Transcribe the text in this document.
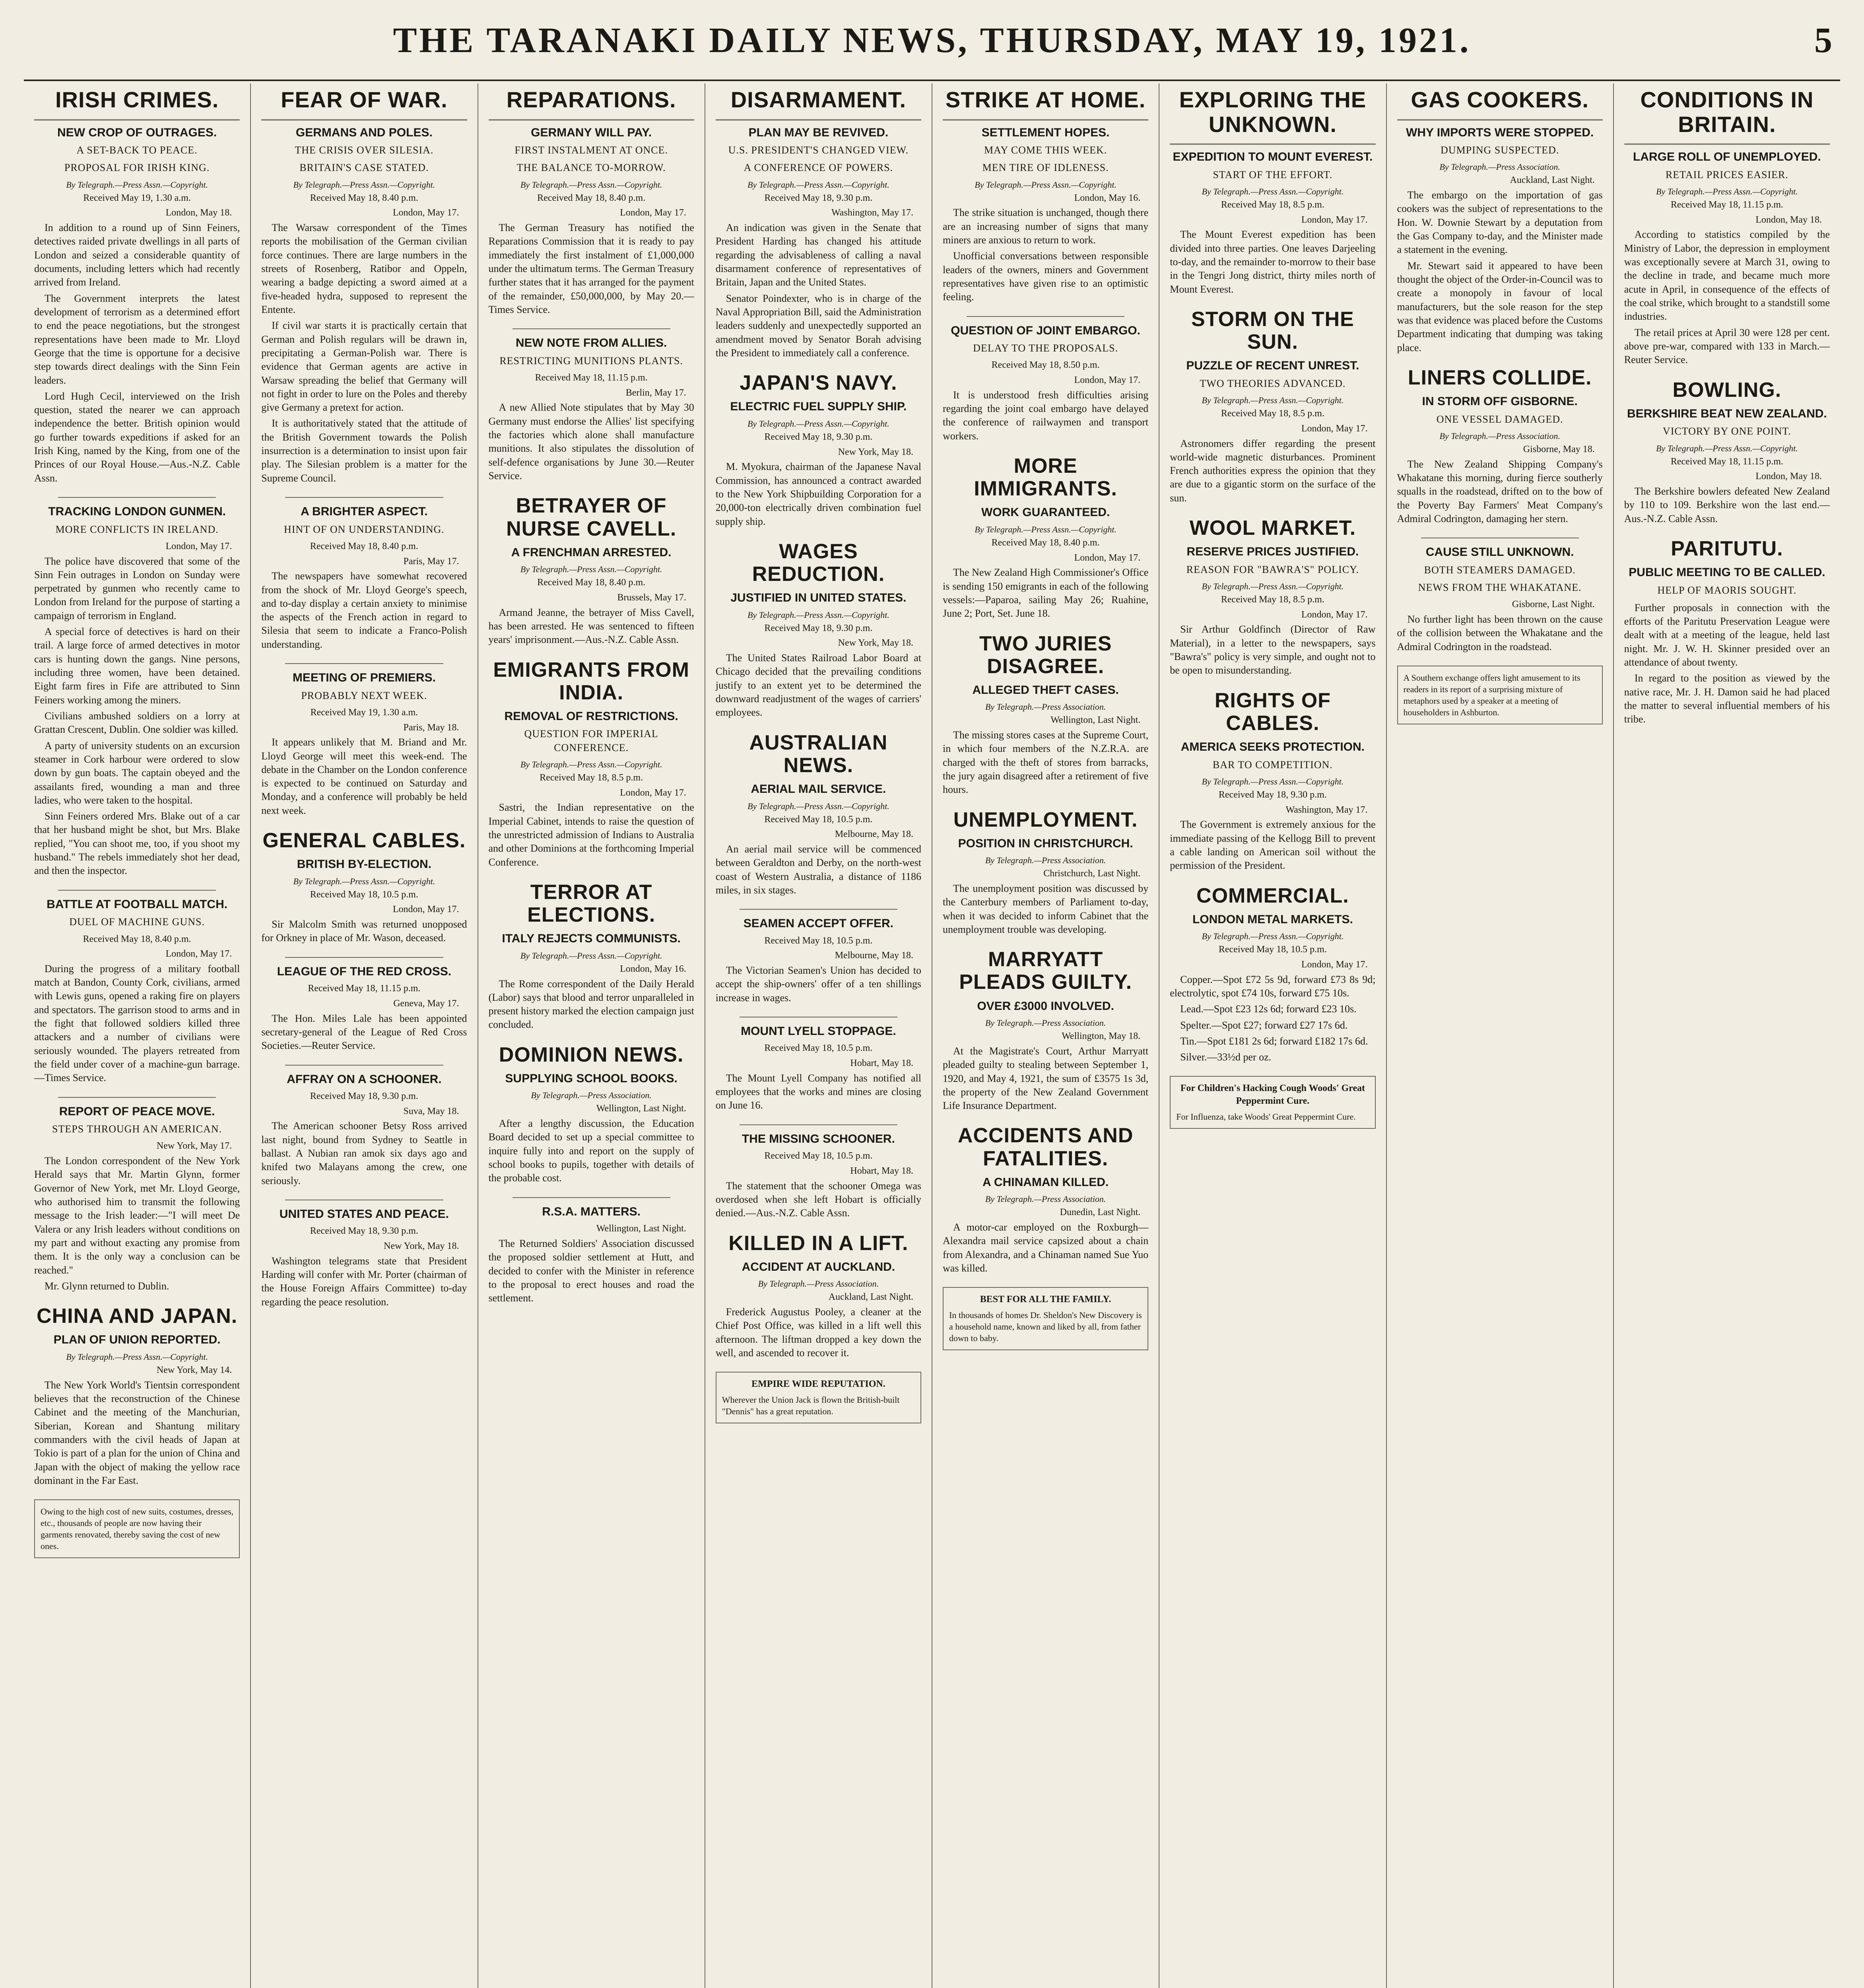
THE TARANAKI DAILY NEWS, THURSDAY, MAY 19, 1921.	5
IRISH CRIMES.
NEW CROP OF OUTRAGES.
A SET-BACK TO PEACE.
PROPOSAL FOR IRISH KING.
By Telegraph.—Press Assn.—Copyright.
Received May 19, 1.30 a.m.
London, May 18.

In addition to a round up of Sinn Feiners, detectives raided private dwellings in all parts of London and seized a considerable quantity of documents, including letters which had recently arrived from Ireland.

The Government interprets the latest development of terrorism as a determined effort to end the peace negotiations, but the strongest representations have been made to Mr. Lloyd George that the time is opportune for a decisive step towards direct dealings with the Sinn Fein leaders.

Lord Hugh Cecil, interviewed on the Irish question, stated the nearer we can approach independence the better. British opinion would go further towards expeditions if asked for an Irish King, named by the King, from one of the Princes of our Royal House.—Aus.-N.Z. Cable Assn.

TRACKING LONDON GUNMEN.
MORE CONFLICTS IN IRELAND.
London, May 17.

The police have discovered that some of the Sinn Fein outrages in London on Sunday were perpetrated by gunmen who recently came to London from Ireland for the purpose of starting a campaign of terrorism in England.

A special force of detectives is hard on their trail. A large force of armed detectives in motor cars is hunting down the gangs. Nine persons, including three women, have been detained. Eight farm fires in Fife are attributed to Sinn Feiners working among the miners.

Civilians ambushed soldiers on a lorry at Grattan Crescent, Dublin. One soldier was killed.

A party of university students on an excursion steamer in Cork harbour were ordered to slow down by gun boats. The captain obeyed and the assailants fired, wounding a man and three ladies, who were taken to the hospital.

Sinn Feiners ordered Mrs. Blake out of a car that her husband might be shot, but Mrs. Blake replied, "You can shoot me, too, if you shoot my husband." The rebels immediately shot her dead, and then the inspector.

BATTLE AT FOOTBALL MATCH.
DUEL OF MACHINE GUNS.
Received May 18, 8.40 p.m.
London, May 17.

During the progress of a military football match at Bandon, County Cork, civilians, armed with Lewis guns, opened a raking fire on players and spectators. The garrison stood to arms and in the fight that followed soldiers killed three attackers and a number of civilians were seriously wounded. The players retreated from the field under cover of a machine-gun barrage.—Times Service.

REPORT OF PEACE MOVE.
STEPS THROUGH AN AMERICAN.
New York, May 17.

The London correspondent of the New York Herald says that Mr. Martin Glynn, former Governor of New York, met Mr. Lloyd George, who authorised him to transmit the following message to the Irish leader:—"I will meet De Valera or any Irish leaders without conditions on my part and without exacting any promise from them. It is the only way a conclusion can be reached."

Mr. Glynn returned to Dublin.

CHINA AND JAPAN.
PLAN OF UNION REPORTED.
By Telegraph.—Press Assn.—Copyright.
New York, May 14.

The New York World's Tientsin correspondent believes that the reconstruction of the Chinese Cabinet and the meeting of the Manchurian, Siberian, Korean and Shantung military commanders with the civil heads of Japan at Tokio is part of a plan for the union of China and Japan with the object of making the yellow race dominant in the Far East.

Owing to the high cost of new suits, costumes, dresses, etc., thousands of people are now having their garments renovated, thereby saving the cost of new ones.
FEAR OF WAR.
GERMANS AND POLES.
THE CRISIS OVER SILESIA.
BRITAIN'S CASE STATED.
By Telegraph.—Press Assn.—Copyright.
Received May 18, 8.40 p.m.
London, May 17.

The Warsaw correspondent of the Times reports the mobilisation of the German civilian force continues. There are large numbers in the streets of Rosenberg, Ratibor and Oppeln, wearing a badge depicting a sword aimed at a five-headed hydra, supposed to represent the Entente.

If civil war starts it is practically certain that German and Polish regulars will be drawn in, precipitating a German-Polish war. There is evidence that German agents are active in Warsaw spreading the belief that Germany will not fight in order to lure on the Poles and thereby give Germany a pretext for action.

It is authoritatively stated that the attitude of the British Government towards the Polish insurrection is a determination to insist upon fair play. The Silesian problem is a matter for the Supreme Council.

A BRIGHTER ASPECT.
HINT OF ON UNDERSTANDING.
Received May 18, 8.40 p.m.
Paris, May 17.

The newspapers have somewhat recovered from the shock of Mr. Lloyd George's speech, and to-day display a certain anxiety to minimise the aspects of the French action in regard to Silesia that seem to indicate a Franco-Polish understanding.

MEETING OF PREMIERS.
PROBABLY NEXT WEEK.
Received May 19, 1.30 a.m.
Paris, May 18.

It appears unlikely that M. Briand and Mr. Lloyd George will meet this week-end. The debate in the Chamber on the London conference is expected to be continued on Saturday and Monday, and a conference will probably be held next week.

GENERAL CABLES.
BRITISH BY-ELECTION.
By Telegraph.—Press Assn.—Copyright.
Received May 18, 10.5 p.m.
London, May 17.

Sir Malcolm Smith was returned unopposed for Orkney in place of Mr. Wason, deceased.

LEAGUE OF THE RED CROSS.
Received May 18, 11.15 p.m.
Geneva, May 17.

The Hon. Miles Lale has been appointed secretary-general of the League of Red Cross Societies.—Reuter Service.

AFFRAY ON A SCHOONER.
Received May 18, 9.30 p.m.
Suva, May 18.

The American schooner Betsy Ross arrived last night, bound from Sydney to Seattle in ballast. A Nubian ran amok six days ago and knifed two Malayans among the crew, one seriously.

UNITED STATES AND PEACE.
Received May 18, 9.30 p.m.
New York, May 18.

Washington telegrams state that President Harding will confer with Mr. Porter (chairman of the House Foreign Affairs Committee) to-day regarding the peace resolution.

REPARATIONS.
GERMANY WILL PAY.
FIRST INSTALMENT AT ONCE.
THE BALANCE TO-MORROW.
By Telegraph.—Press Assn.—Copyright.
Received May 18, 8.40 p.m.
London, May 17.

The German Treasury has notified the Reparations Commission that it is ready to pay immediately the first instalment of £1,000,000 under the ultimatum terms. The German Treasury further states that it has arranged for the payment of the remainder, £50,000,000, by May 20.—Times Service.

NEW NOTE FROM ALLIES.
RESTRICTING MUNITIONS PLANTS.
Received May 18, 11.15 p.m.
Berlin, May 17.

A new Allied Note stipulates that by May 30 Germany must endorse the Allies' list specifying the factories which alone shall manufacture munitions. It also stipulates the dissolution of self-defence organisations by June 30.—Reuter Service.

BETRAYER OF NURSE CAVELL.
A FRENCHMAN ARRESTED.
By Telegraph.—Press Assn.—Copyright.
Received May 18, 8.40 p.m.
Brussels, May 17.

Armand Jeanne, the betrayer of Miss Cavell, has been arrested. He was sentenced to fifteen years' imprisonment.—Aus.-N.Z. Cable Assn.

EMIGRANTS FROM INDIA.
REMOVAL OF RESTRICTIONS.
QUESTION FOR IMPERIAL CONFERENCE.
By Telegraph.—Press Assn.—Copyright.
Received May 18, 8.5 p.m.
London, May 17.

Sastri, the Indian representative on the Imperial Cabinet, intends to raise the question of the unrestricted admission of Indians to Australia and other Dominions at the forthcoming Imperial Conference.

TERROR AT ELECTIONS.
ITALY REJECTS COMMUNISTS.
By Telegraph.—Press Assn.—Copyright.
London, May 16.

The Rome correspondent of the Daily Herald (Labor) says that blood and terror unparalleled in present history marked the election campaign just concluded.

DOMINION NEWS.
SUPPLYING SCHOOL BOOKS.
By Telegraph.—Press Association.
Wellington, Last Night.

After a lengthy discussion, the Education Board decided to set up a special committee to inquire fully into and report on the supply of school books to pupils, together with details of the probable cost.

R.S.A. MATTERS.
Wellington, Last Night.

The Returned Soldiers' Association discussed the proposed soldier settlement at Hutt, and decided to confer with the Minister in reference to the proposal to erect houses and road the settlement.

DISARMAMENT.
PLAN MAY BE REVIVED.
U.S. PRESIDENT'S CHANGED VIEW.
A CONFERENCE OF POWERS.
By Telegraph.—Press Assn.—Copyright.
Received May 18, 9.30 p.m.
Washington, May 17.

An indication was given in the Senate that President Harding has changed his attitude regarding the advisableness of calling a naval disarmament conference of representatives of Britain, Japan and the United States.

Senator Poindexter, who is in charge of the Naval Appropriation Bill, said the Administration leaders suddenly and unexpectedly supported an amendment moved by Senator Borah advising the President to immediately call a conference.

JAPAN'S NAVY.
ELECTRIC FUEL SUPPLY SHIP.
By Telegraph.—Press Assn.—Copyright.
Received May 18, 9.30 p.m.
New York, May 18.

M. Myokura, chairman of the Japanese Naval Commission, has announced a contract awarded to the New York Shipbuilding Corporation for a 20,000-ton electrically driven combination fuel supply ship.

WAGES REDUCTION.
JUSTIFIED IN UNITED STATES.
By Telegraph.—Press Assn.—Copyright.
Received May 18, 9.30 p.m.
New York, May 18.

The United States Railroad Labor Board at Chicago decided that the prevailing conditions justify to an extent yet to be determined the downward readjustment of the wages of carriers' employees.

AUSTRALIAN NEWS.
AERIAL MAIL SERVICE.
By Telegraph.—Press Assn.—Copyright.
Received May 18, 10.5 p.m.
Melbourne, May 18.

An aerial mail service will be commenced between Geraldton and Derby, on the north-west coast of Western Australia, a distance of 1186 miles, in six stages.

SEAMEN ACCEPT OFFER.
Received May 18, 10.5 p.m.
Melbourne, May 18.

The Victorian Seamen's Union has decided to accept the ship-owners' offer of a ten shillings increase in wages.

MOUNT LYELL STOPPAGE.
Received May 18, 10.5 p.m.
Hobart, May 18.

The Mount Lyell Company has notified all employees that the works and mines are closing on June 16.

THE MISSING SCHOONER.
Received May 18, 10.5 p.m.
Hobart, May 18.

The statement that the schooner Omega was overdosed when she left Hobart is officially denied.—Aus.-N.Z. Cable Assn.

KILLED IN A LIFT.
ACCIDENT AT AUCKLAND.
By Telegraph.—Press Association.
Auckland, Last Night.

Frederick Augustus Pooley, a cleaner at the Chief Post Office, was killed in a lift well this afternoon. The liftman dropped a key down the well, and ascended to recover it.

EMPIRE WIDE REPUTATION.
Wherever the Union Jack is flown the British-built "Dennis" has a great reputation.
STRIKE AT HOME.
SETTLEMENT HOPES.
MAY COME THIS WEEK.
MEN TIRE OF IDLENESS.
By Telegraph.—Press Assn.—Copyright.
London, May 16.

The strike situation is unchanged, though there are an increasing number of signs that many miners are anxious to return to work.

Unofficial conversations between responsible leaders of the owners, miners and Government representatives have given rise to an optimistic feeling.

QUESTION OF JOINT EMBARGO.
DELAY TO THE PROPOSALS.
Received May 18, 8.50 p.m.
London, May 17.

It is understood fresh difficulties arising regarding the joint coal embargo have delayed the conference of railwaymen and transport workers.

MORE IMMIGRANTS.
WORK GUARANTEED.
By Telegraph.—Press Assn.—Copyright.
Received May 18, 8.40 p.m.
London, May 17.

The New Zealand High Commissioner's Office is sending 150 emigrants in each of the following vessels:—Paparoa, sailing May 26; Ruahine, June 2; Port, Set. June 18.

TWO JURIES DISAGREE.
ALLEGED THEFT CASES.
By Telegraph.—Press Association.
Wellington, Last Night.

The missing stores cases at the Supreme Court, in which four members of the N.Z.R.A. are charged with the theft of stores from barracks, the jury again disagreed after a retirement of five hours.

UNEMPLOYMENT.
POSITION IN CHRISTCHURCH.
By Telegraph.—Press Association.
Christchurch, Last Night.

The unemployment position was discussed by the Canterbury members of Parliament to-day, when it was decided to inform Cabinet that the unemployment trouble was developing.

MARRYATT PLEADS GUILTY.
OVER £3000 INVOLVED.
By Telegraph.—Press Association.
Wellington, May 18.

At the Magistrate's Court, Arthur Marryatt pleaded guilty to stealing between September 1, 1920, and May 4, 1921, the sum of £3575 1s 3d, the property of the New Zealand Government Life Insurance Department.

ACCIDENTS AND FATALITIES.
A CHINAMAN KILLED.
By Telegraph.—Press Association.
Dunedin, Last Night.

A motor-car employed on the Roxburgh—Alexandra mail service capsized about a chain from Alexandra, and a Chinaman named Sue Yuo was killed.

BEST FOR ALL THE FAMILY.
In thousands of homes Dr. Sheldon's New Discovery is a household name, known and liked by all, from father down to baby.
EXPLORING THE UNKNOWN.
EXPEDITION TO MOUNT EVEREST.
START OF THE EFFORT.
By Telegraph.—Press Assn.—Copyright.
Received May 18, 8.5 p.m.
London, May 17.

The Mount Everest expedition has been divided into three parties. One leaves Darjeeling to-day, and the remainder to-morrow to their base in the Tengri Jong district, thirty miles north of Mount Everest.

STORM ON THE SUN.
PUZZLE OF RECENT UNREST.
TWO THEORIES ADVANCED.
By Telegraph.—Press Assn.—Copyright.
Received May 18, 8.5 p.m.
London, May 17.

Astronomers differ regarding the present world-wide magnetic disturbances. Prominent French authorities express the opinion that they are due to a gigantic storm on the surface of the sun.

WOOL MARKET.
RESERVE PRICES JUSTIFIED.
REASON FOR "BAWRA'S" POLICY.
By Telegraph.—Press Assn.—Copyright.
Received May 18, 8.5 p.m.
London, May 17.

Sir Arthur Goldfinch (Director of Raw Material), in a letter to the newspapers, says "Bawra's" policy is very simple, and ought not to be open to misunderstanding.

RIGHTS OF CABLES.
AMERICA SEEKS PROTECTION.
BAR TO COMPETITION.
By Telegraph.—Press Assn.—Copyright.
Received May 18, 9.30 p.m.
Washington, May 17.

The Government is extremely anxious for the immediate passing of the Kellogg Bill to prevent a cable landing on American soil without the permission of the President.

COMMERCIAL.
LONDON METAL MARKETS.
By Telegraph.—Press Assn.—Copyright.
Received May 18, 10.5 p.m.
London, May 17.

Copper.—Spot £72 5s 9d, forward £73 8s 9d; electrolytic, spot £74 10s, forward £75 10s.

Lead.—Spot £23 12s 6d; forward £23 10s.

Spelter.—Spot £27; forward £27 17s 6d.

Tin.—Spot £181 2s 6d; forward £182 17s 6d.

Silver.—33½d per oz.

For Children's Hacking Cough Woods' Great Peppermint Cure.
For Influenza, take Woods' Great Peppermint Cure.
GAS COOKERS.
WHY IMPORTS WERE STOPPED.
DUMPING SUSPECTED.
By Telegraph.—Press Association.
Auckland, Last Night.

The embargo on the importation of gas cookers was the subject of representations to the Hon. W. Downie Stewart by a deputation from the Gas Company to-day, and the Minister made a statement in the evening.

Mr. Stewart said it appeared to have been thought the object of the Order-in-Council was to create a monopoly in favour of local manufacturers, but the sole reason for the step was that evidence was placed before the Customs Department indicating that dumping was taking place.

LINERS COLLIDE.
IN STORM OFF GISBORNE.
ONE VESSEL DAMAGED.
By Telegraph.—Press Association.
Gisborne, May 18.

The New Zealand Shipping Company's Whakatane this morning, during fierce southerly squalls in the roadstead, drifted on to the bow of the Poverty Bay Farmers' Meat Company's Admiral Codrington, damaging her stern.

CAUSE STILL UNKNOWN.
BOTH STEAMERS DAMAGED.
NEWS FROM THE WHAKATANE.
Gisborne, Last Night.

No further light has been thrown on the cause of the collision between the Whakatane and the Admiral Codrington in the roadstead.

A Southern exchange offers light amusement to its readers in its report of a surprising mixture of metaphors used by a speaker at a meeting of householders in Ashburton.
CONDITIONS IN BRITAIN.
LARGE ROLL OF UNEMPLOYED.
RETAIL PRICES EASIER.
By Telegraph.—Press Assn.—Copyright.
Received May 18, 11.15 p.m.
London, May 18.

According to statistics compiled by the Ministry of Labor, the depression in employment was exceptionally severe at March 31, owing to the decline in trade, and became much more acute in April, in consequence of the effects of the coal strike, which brought to a standstill some industries.

The retail prices at April 30 were 128 per cent. above pre-war, compared with 133 in March.—Reuter Service.

BOWLING.
BERKSHIRE BEAT NEW ZEALAND.
VICTORY BY ONE POINT.
By Telegraph.—Press Assn.—Copyright.
Received May 18, 11.15 p.m.
London, May 18.

The Berkshire bowlers defeated New Zealand by 110 to 109. Berkshire won the last end.—Aus.-N.Z. Cable Assn.

PARITUTU.
PUBLIC MEETING TO BE CALLED.
HELP OF MAORIS SOUGHT.

Further proposals in connection with the efforts of the Paritutu Preservation League were dealt with at a meeting of the league, held last night. Mr. J. W. H. Skinner presided over an attendance of about twenty.

In regard to the position as viewed by the native race, Mr. J. H. Damon said he had placed the matter to several influential members of his tribe.
